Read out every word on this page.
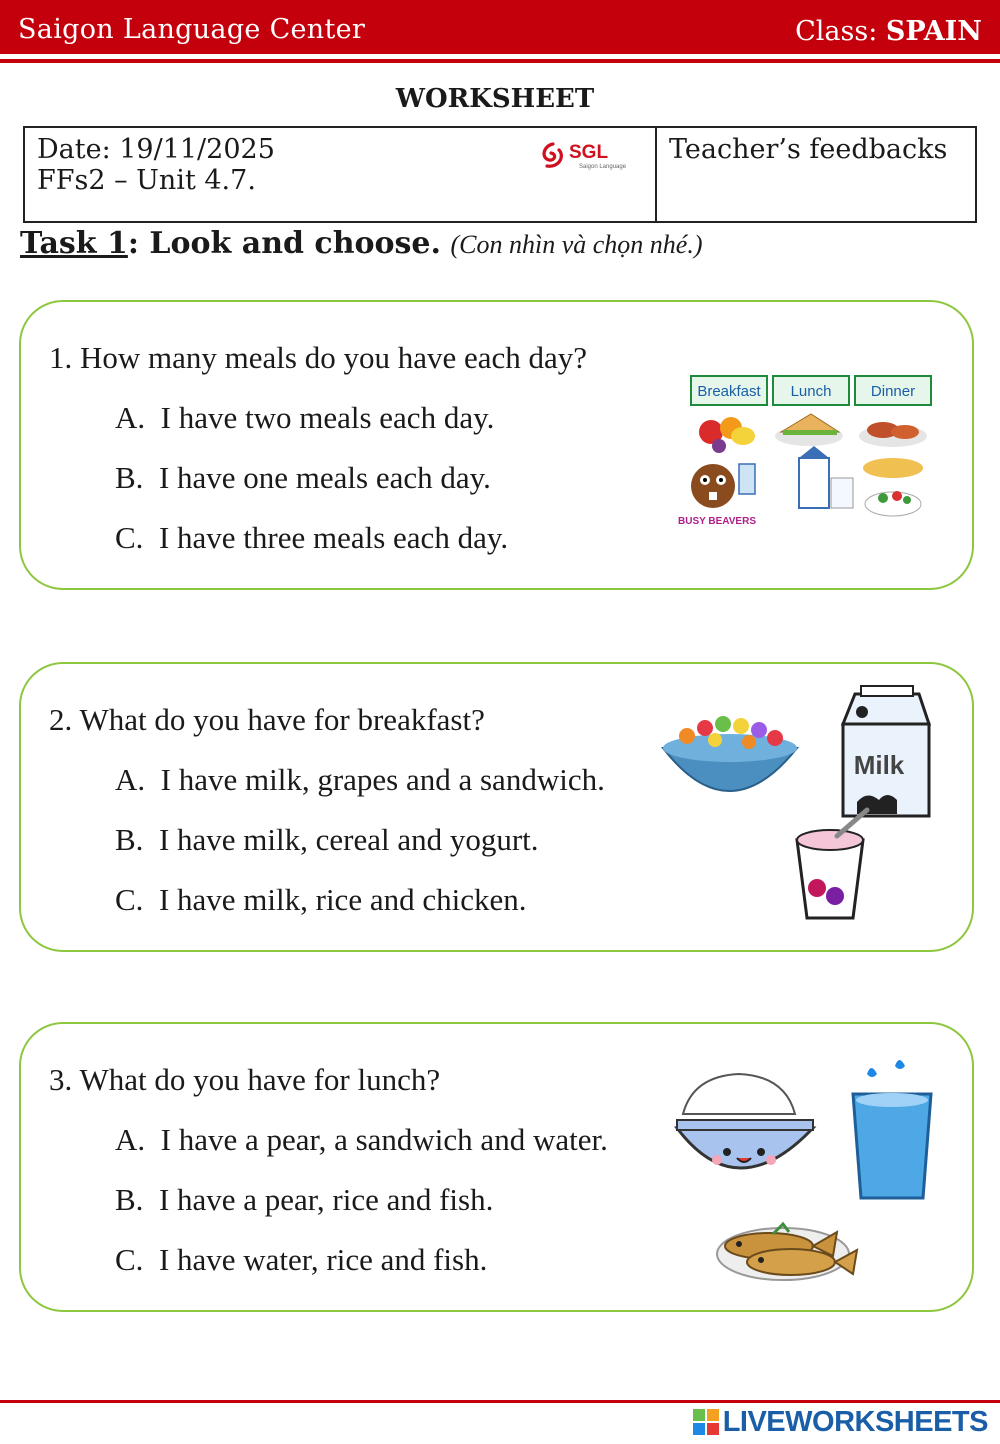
Saigon Language Center	Class: SPAIN
WORKSHEET
Date: 19/11/2025
FFs2 – Unit 4.7.
SGL
Saigon Language
	Teacher’s feedbacks
Task 1: Look and choose. (Con nhìn và chọn nhé.)
1. How many meals do you have each day?
A. I have two meals each day.
B. I have one meals each day.
C. I have three meals each day.
Breakfast Lunch	Dinner
BUSY BEAVERS
2. What do you have for breakfast?
A. I have milk, grapes and a sandwich.
B. I have milk, cereal and yogurt.
C. I have milk, rice and chicken.
Milk
3. What do you have for lunch?
A. I have a pear, a sandwich and water.
B. I have a pear, rice and fish.
C. I have water, rice and fish.
LIVEWORKSHEETS
